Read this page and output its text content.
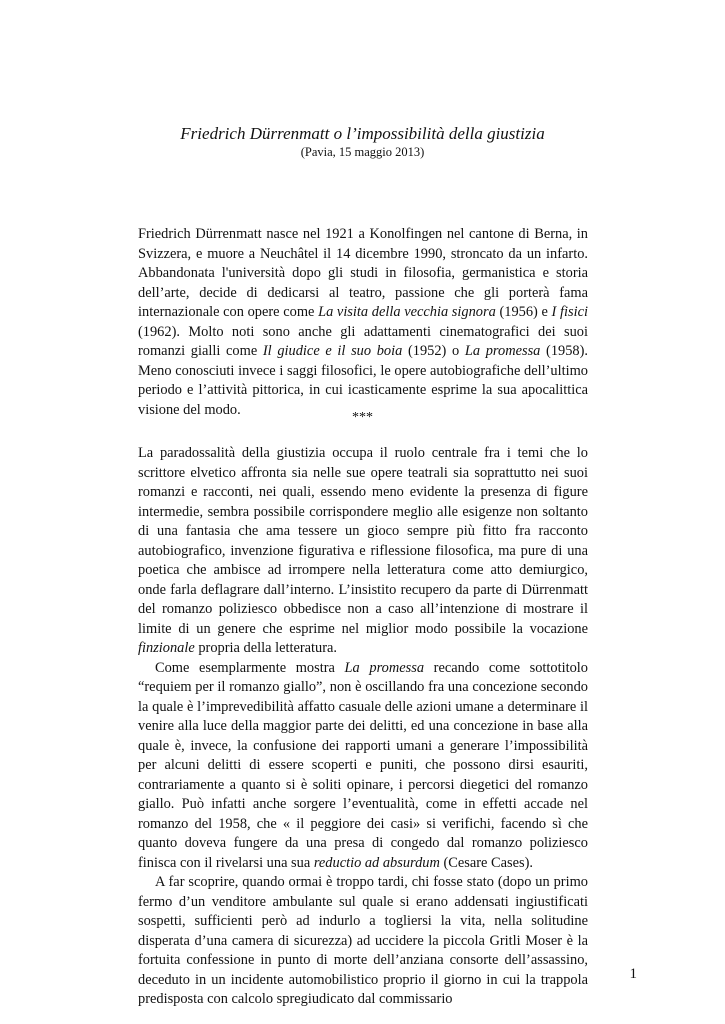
Friedrich Dürrenmatt o l’impossibilità della giustizia
(Pavia, 15 maggio 2013)

Friedrich Dürrenmatt nasce nel 1921 a Konolfingen nel cantone di Berna, in Svizzera, e muore a Neuchâtel il 14 dicembre 1990, stroncato da un infarto. Abbandonata l'università dopo gli studi in filosofia, germanistica e storia dell’arte, decide di dedicarsi al teatro, passione che gli porterà fama internazionale con opere come La visita della vecchia signora (1956) e I fisici (1962). Molto noti sono anche gli adattamenti cinematografici dei suoi romanzi gialli come Il giudice e il suo boia (1952) o La promessa (1958). Meno conosciuti invece i saggi filosofici, le opere autobiografiche dell’ultimo periodo e l’attività pittorica, in cui icasticamente esprime la sua apocalittica visione del modo.	***

La paradossalità della giustizia occupa il ruolo centrale fra i temi che lo scrittore elvetico affronta sia nelle sue opere teatrali sia soprattutto nei suoi romanzi e racconti, nei quali, essendo meno evidente la presenza di figure intermedie, sembra possibile corrispondere meglio alle esigenze non soltanto di una fantasia che ama tessere un gioco sempre più fitto fra racconto autobiografico, invenzione figurativa e riflessione filosofica, ma pure di una poetica che ambisce ad irrompere nella letteratura come atto demiurgico, onde farla deflagrare dall’interno. L’insistito recupero da parte di Dürrenmatt del romanzo poliziesco obbedisce non a caso all’intenzione di mostrare il limite di un genere che esprime nel miglior modo possibile la vocazione finzionale propria della letteratura.

Come esemplarmente mostra La promessa recando come sottotitolo “requiem per il romanzo giallo”, non è oscillando fra una concezione secondo la quale è l’imprevedibilità affatto casuale delle azioni umane a determinare il venire alla luce della maggior parte dei delitti, ed una concezione in base alla quale è, invece, la confusione dei rapporti umani a generare l’impossibilità per alcuni delitti di essere scoperti e puniti, che possono dirsi esauriti, contrariamente a quanto si è soliti opinare, i percorsi diegetici del romanzo giallo. Può infatti anche sorgere l’eventualità, come in effetti accade nel romanzo del 1958, che « il peggiore dei casi» si verifichi, facendo sì che quanto doveva fungere da una presa di congedo dal romanzo poliziesco finisca con il rivelarsi una sua reductio ad absurdum (Cesare Cases).

A far scoprire, quando ormai è troppo tardi, chi fosse stato (dopo un primo fermo d’un venditore ambulante sul quale si erano addensati ingiustificati sospetti, sufficienti però ad indurlo a togliersi la vita, nella solitudine disperata d’una camera di sicurezza) ad uccidere la piccola Gritli Moser è la fortuita confessione in punto di morte dell’anziana consorte dell’assassino, deceduto in un incidente automobilistico proprio il giorno in cui la trappola predisposta con calcolo spregiudicato dal commissario

1
